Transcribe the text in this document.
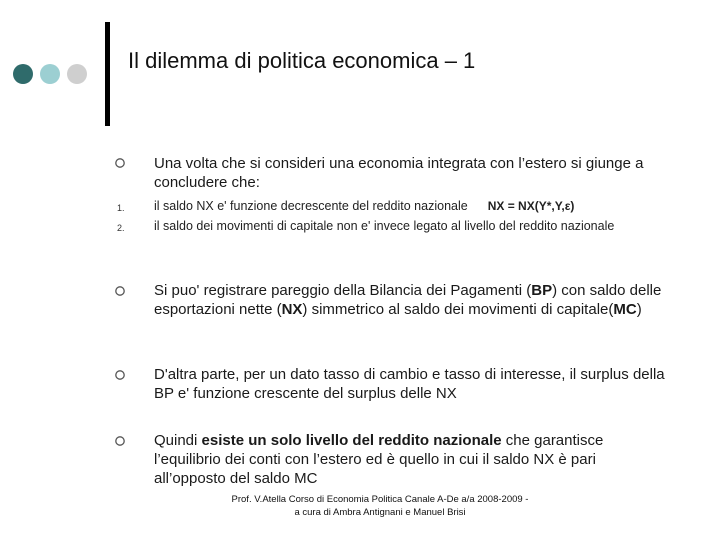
Il dilemma di politica economica – 1
Una volta che si consideri una economia integrata con l’estero si giunge a concludere che:
1. il saldo NX e' funzione decrescente del reddito nazionale NX = NX(Y*,Y,ε)
2. il saldo dei movimenti di capitale non e' invece legato al livello del reddito nazionale
Si puo' registrare pareggio della Bilancia dei Pagamenti (BP) con saldo delle esportazioni nette (NX) simmetrico al saldo dei movimenti di capitale(MC)
D'altra parte, per un dato tasso di cambio e tasso di interesse, il surplus della BP e' funzione crescente del surplus delle NX
Quindi esiste un solo livello del reddito nazionale che garantisce l’equilibrio dei conti con l’estero ed è quello in cui il saldo NX è pari all’opposto del saldo MC
Prof. V.Atella Corso di Economia Politica Canale A-De a/a 2008-2009 -
a cura di Ambra Antignani e Manuel Brisi
